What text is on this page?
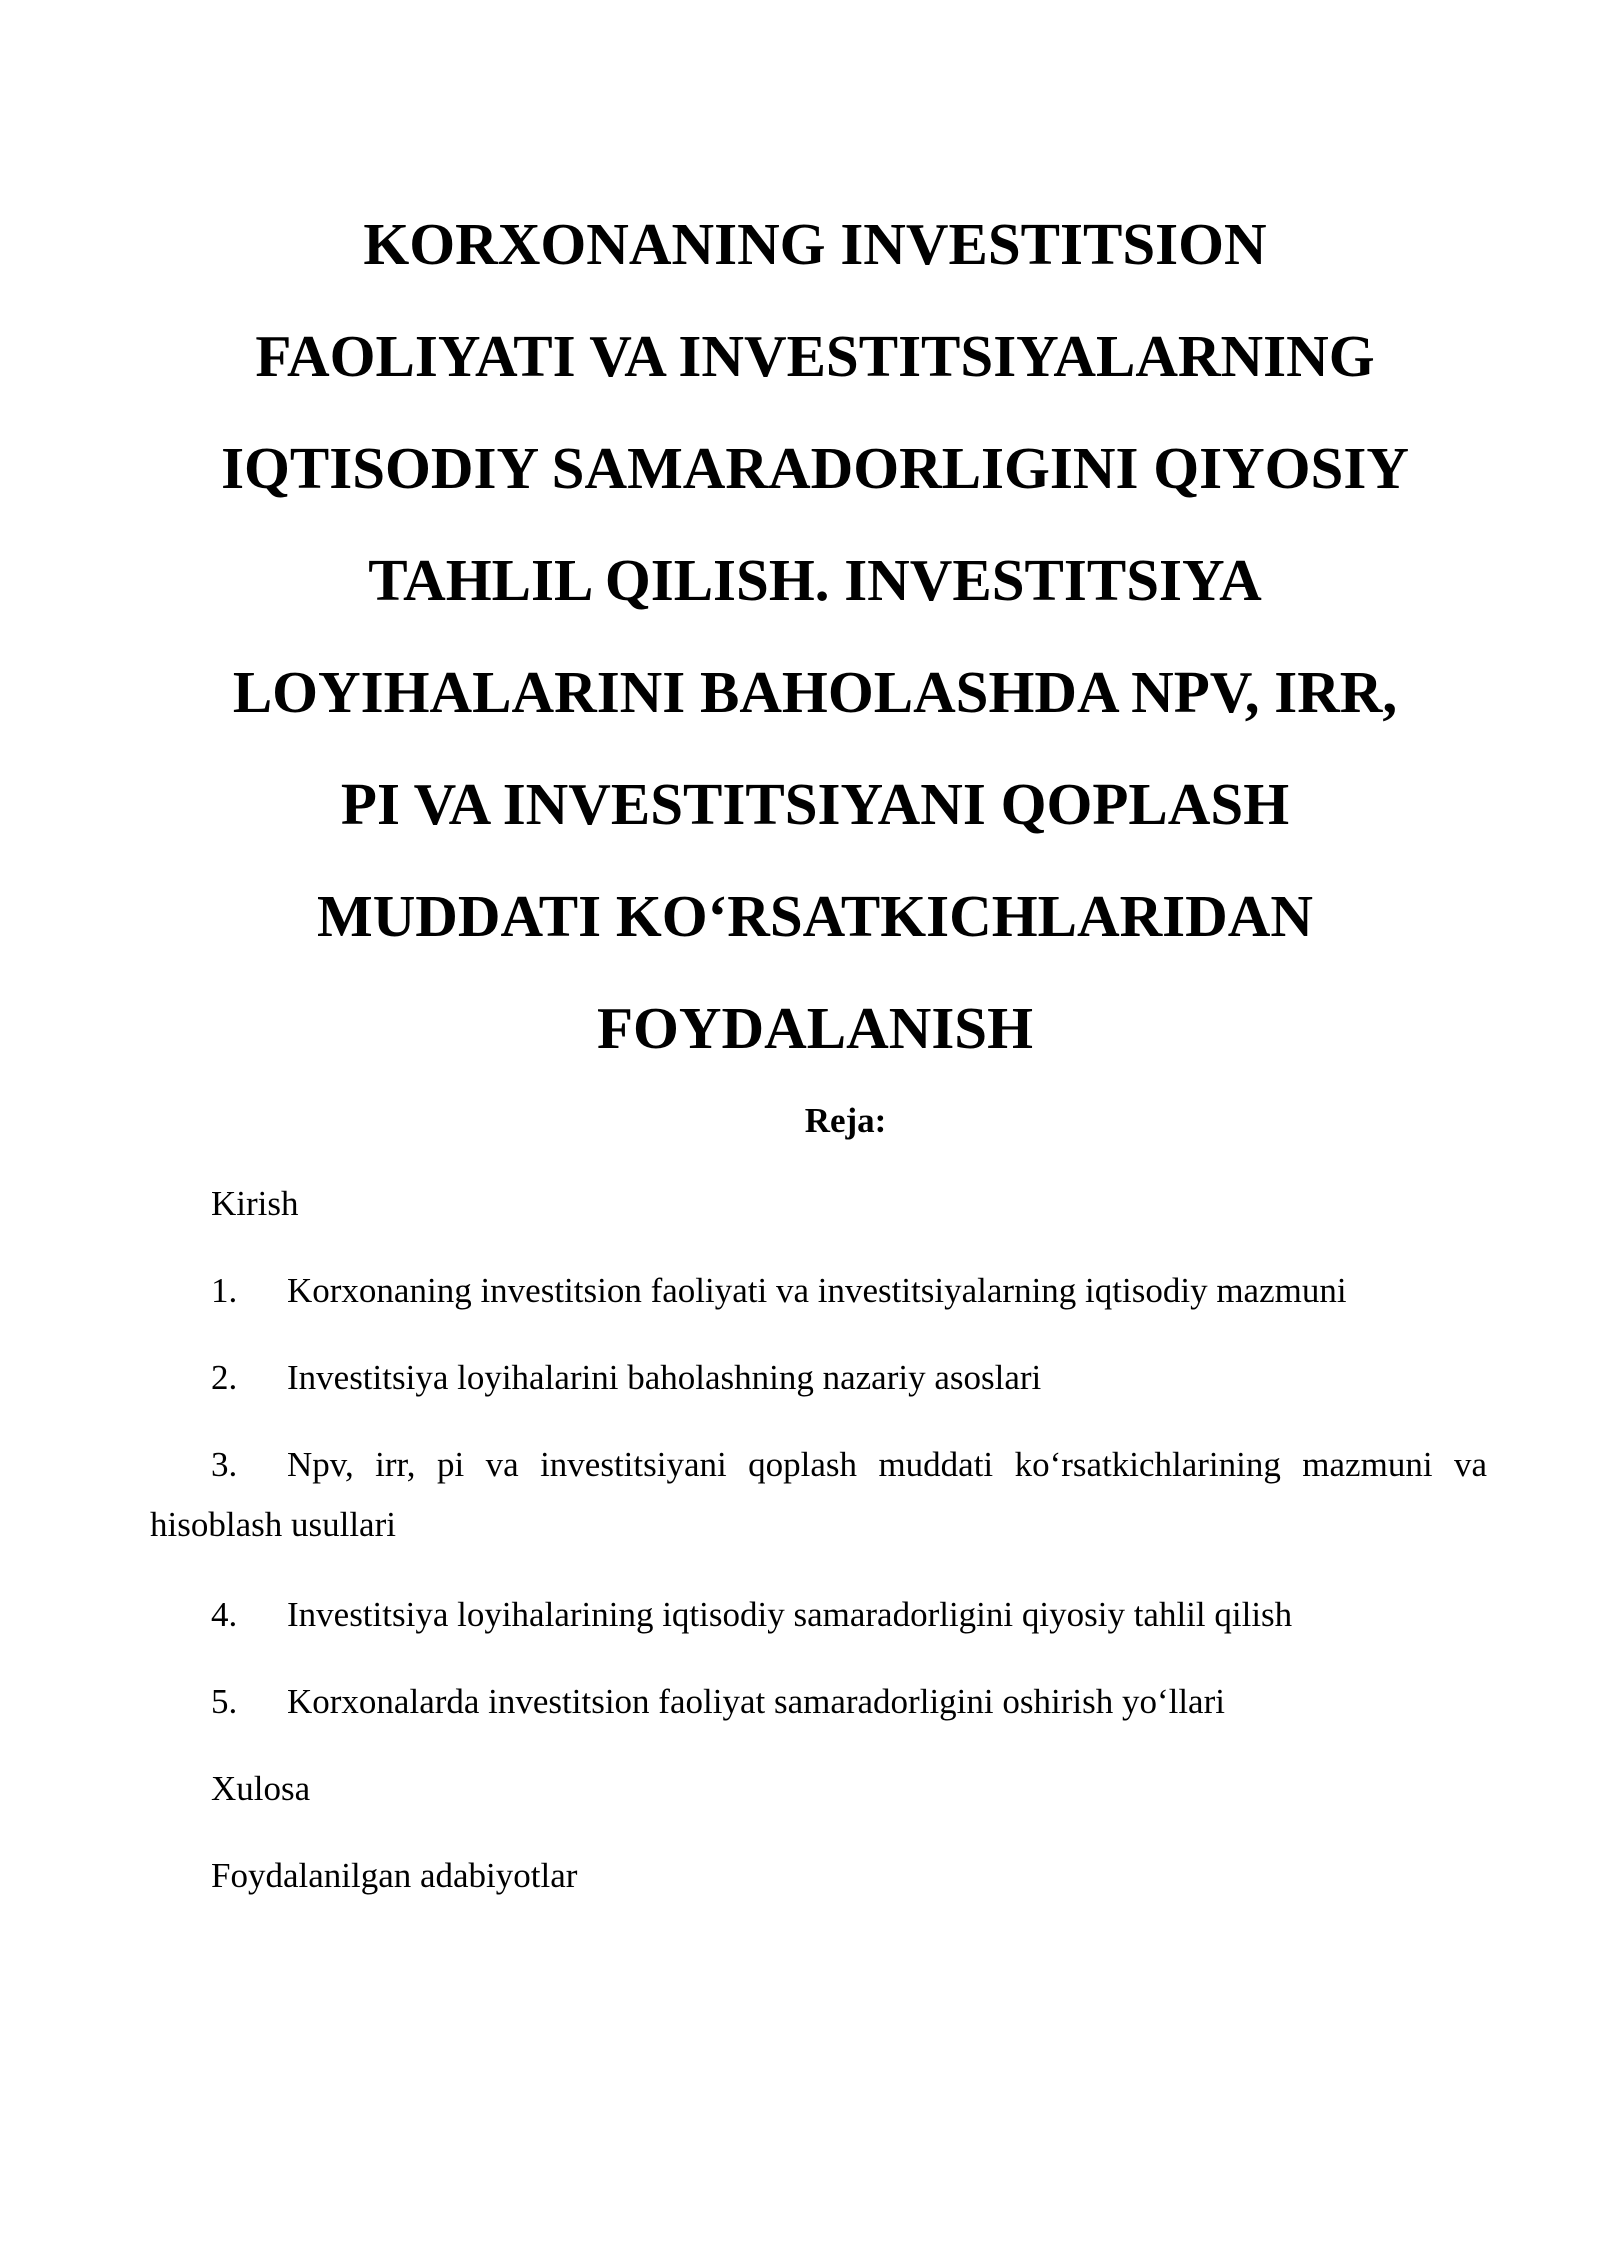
KORXONANING INVESTITSION
FAOLIYATI VA INVESTITSIYALARNING
IQTISODIY SAMARADORLIGINI QIYOSIY
TAHLIL QILISH. INVESTITSIYA
LOYIHALARINI BAHOLASHDA NPV, IRR,
PI VA INVESTITSIYANI QOPLASH
MUDDATI KO‘RSATKICHLARIDAN
FOYDALANISH
Reja:
Kirish
1. Korxonaning investitsion faoliyati va investitsiyalarning iqtisodiy mazmuni
2. Investitsiya loyihalarini baholashning nazariy asoslari
3. Npv, irr, pi va investitsiyani qoplash muddati ko‘rsatkichlarining mazmuni va
hisoblash usullari
4. Investitsiya loyihalarining iqtisodiy samaradorligini qiyosiy tahlil qilish
5. Korxonalarda investitsion faoliyat samaradorligini oshirish yo‘llari
Xulosa
Foydalanilgan adabiyotlar
